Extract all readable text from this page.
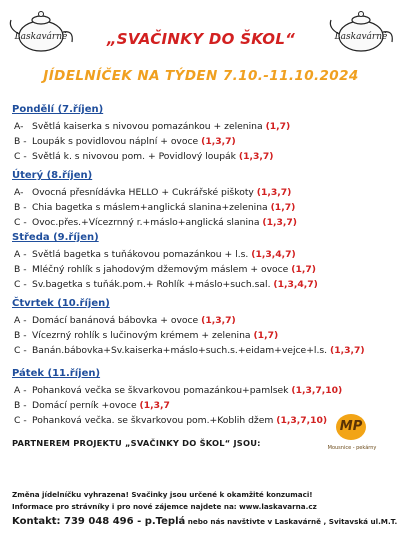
Laskavárně	Laskavárně
„SVAČINKY DO ŠKOL“
JÍDELNÍČEK NA TÝDEN 7.10.-11.10.2024
Pondělí (7.říjen)
A- Světlá kaiserka s nivovou pomazánkou + zelenina (1,7)
B - Loupák s povidlovou náplní + ovoce (1,3,7)
C - Světlá k. s nivovou pom. + Povidlový loupák (1,3,7)
Úterý (8.říjen)
A- Ovocná přesnídávka HELLO + Cukrářské piškoty (1,3,7)
B - Chia bagetka s máslem+anglická slanina+zelenina (1,7)
C - Ovoc.přes.+Vícezrnný r.+máslo+anglická slanina (1,3,7)
Středa (9.říjen)
A - Světlá bagetka s tuňákovou pomazánkou + l.s. (1,3,4,7)
B - Mléčný rohlík s jahodovým džemovým máslem + ovoce (1,7)
C - Sv.bagetka s tuňák.pom.+ Rohlík +máslo+such.sal. (1,3,4,7)
Čtvrtek (10.říjen)
A - Domácí banánová bábovka + ovoce (1,3,7)
B - Vícezrný rohlík s lučinovým krémem + zelenina (1,7)
C - Banán.bábovka+Sv.kaiserka+máslo+such.s.+eidam+vejce+l.s. (1,3,7)
Pátek (11.říjen)
A - Pohanková večka se škvarkovou pomazánkou+pamlsek (1,3,7,10)
B - Domácí perník +ovoce (1,3,7
C - Pohanková večka. se škvarkovou pom.+Koblih džem (1,3,7,10)
PARTNEREM PROJEKTU „SVAČINKY DO ŠKOL“ JSOU:
MP
Mousnice - pekárny
Změna jídelníčku vyhrazena! Svačinky jsou určené k okamžité konzumaci!
Informace pro strávníky i pro nové zájemce najdete na: www.laskavarna.cz
Kontakt: 739 048 496 - p.Teplá nebo nás navštivte v Laskavárně , Svitavská ul.M.T.
